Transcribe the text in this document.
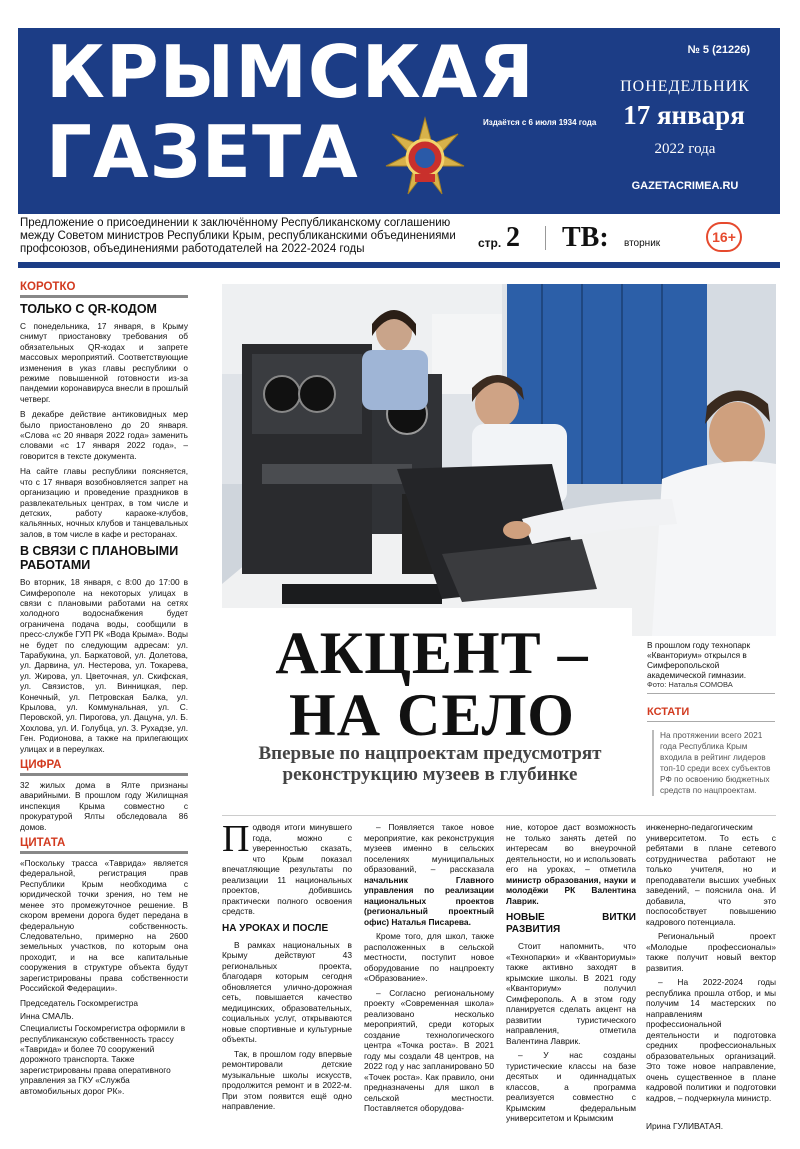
КРЫМСКАЯ
ГАЗЕТА	Издаётся с 6 июля 1934 года
№ 5 (21226)
ПОНЕДЕЛЬНИК
17 января
2022 года
GAZETACRIMEA.RU
Предложение о присоединении к заключённому Республиканскому соглашению между Советом министров Республики Крым, республиканскими объединениями профсоюзов, объединениями работодателей на 2022-2024 годы	стр. 2 ТВ: вторник	16+
КОРОТКО
ТОЛЬКО С QR-КОДОМ
С понедельника, 17 января, в Крыму снимут приостановку требования об обязательных QR-кодах и запрете массовых мероприятий. Соответствующие изменения в указ главы республики о режиме повышенной готовности из-за пандемии коронавируса внесли в прошлый четверг.
В декабре действие антиковидных мер было приостановлено до 20 января. «Слова «с 20 января 2022 года» заменить словами «с 17 января 2022 года», – говорится в тексте документа.
На сайте главы республики поясняется, что с 17 января возобновляется запрет на организацию и проведение праздников в развлекательных центрах, в том числе и детских, работу караоке-клубов, кальянных, ночных клубов и танцевальных залов, в том числе в кафе и ресторанах.
В СВЯЗИ С ПЛАНОВЫМИ РАБОТАМИ
Во вторник, 18 января, с 8:00 до 17:00 в Симферополе на некоторых улицах в связи с плановыми работами на сетях холодного водоснабжения будет ограничена подача воды, сообщили в пресс-службе ГУП РК «Вода Крыма». Воды не будет по следующим адресам: ул. Тарабукина, ул. Баркатовой, ул. Долетова, ул. Дарвина, ул. Нестерова, ул. Токарева, ул. Жирова, ул. Цветочная, ул. Скифская, ул. Связистов, ул. Винницкая, пер. Конечный, ул. Петровская Балка, ул. Крылова, ул. Коммунальная, ул. С. Перовской, ул. Пирогова, ул. Дацуна, ул. Б. Хохлова, ул. И. Голубца, ул. З. Рухадзе, ул. Ген. Родионова, а также на прилегающих улицах и в переулках.
ЦИФРА
32 жилых дома в Ялте признаны аварийными. В прошлом году Жилищная инспекция Крыма совместно с прокуратурой Ялты обследовала 86 домов.
ЦИТАТА
«Поскольку трасса «Таврида» является федеральной, регистрация прав Республики Крым необходима с юридической точки зрения, но тем не менее это промежуточное решение. В скором времени дорога будет передана в федеральную собственность. Следовательно, примерно на 2600 земельных участков, по которым она проходит, и на все капитальные сооружения в структуре объекта будут зарегистрированы права собственности Российской Федерации».
Председатель Госкомрегистра
Инна СМАЛЬ.
Специалисты Госкомрегистра оформили в республиканскую собственность трассу «Таврида» и более 70 сооружений дорожного транспорта. Также зарегистрированы права оперативного управления за ГКУ «Служба автомобильных дорог РК».
В прошлом году технопарк «Кванториум» открылся в Симферопольской академической гимназии.
Фото: Наталья СОМОВА
КСТАТИ
На протяжении всего 2021 года Республика Крым входила в рейтинг лидеров топ-10 среди всех субъектов РФ по освоению бюджетных средств по нацпроектам.
АКЦЕНТ –
НА СЕЛО
Впервые по нацпроектам предусмотрят реконструкцию музеев в глубинке

Подводя итоги минувшего года, можно с уверенностью сказать, что Крым показал впечатляющие результаты по реализации 11 национальных проектов, добившись практически полного освоения средств.

НА УРОКАХ И ПОСЛЕ

В рамках национальных в Крыму действуют 43 региональных проекта, благодаря которым сегодня обновляется улично-дорожная сеть, повышается качество медицинских, образовательных, социальных услуг, открываются новые спортивные и культурные объекты.

Так, в прошлом году впервые ремонтировали детские музыкальные школы искусств, продолжится ремонт и в 2022-м. При этом появится ещё одно направление.

– Появляется такое новое мероприятие, как реконструкция музеев именно в сельских поселениях муниципальных образований, – рассказала начальник Главного управления по реализации национальных проектов (региональный проектный офис) Наталья Писарева.

Кроме того, для школ, также расположенных в сельской местности, поступит новое оборудование по нацпроекту «Образование».

– Согласно региональному проекту «Современная школа» реализовано несколько мероприятий, среди которых создание технологического центра «Точка роста». В 2021 году мы создали 48 центров, на 2022 год у нас запланировано 50 «Точек роста». Как правило, они предназначены для школ в сельской местности. Поставляется оборудова-

ние, которое даст возможность не только занять детей по интересам во внеурочной деятельности, но и использовать его на уроках, – отметила министр образования, науки и молодёжи РК Валентина Лаврик.

НОВЫЕ ВИТКИ РАЗВИТИЯ

Стоит напомнить, что «Технопарки» и «Кванториумы» также активно заходят в крымские школы. В 2021 году «Кванториум» получил Симферополь. А в этом году планируется сделать акцент на развитии туристического направления, отметила Валентина Лаврик.

– У нас созданы туристические классы на базе десятых и одиннадцатых классов, а программа реализуется совместно с Крымским федеральным университетом и Крымским

инженерно-педагогическим университетом. То есть с ребятами в плане сетевого сотрудничества работают не только учителя, но и преподаватели высших учебных заведений, – пояснила она. И добавила, что это поспособствует повышению кадрового потенциала.

Региональный проект «Молодые профессионалы» также получит новый вектор развития.

– На 2022-2024 годы республика прошла отбор, и мы получим 14 мастерских по направлениям профессиональной деятельности и подготовка средних профессиональных образовательных организаций. Это тоже новое направление, очень существенное в плане кадровой политики и подготовки кадров, – подчеркнула министр.

Ирина ГУЛИВАТАЯ.
